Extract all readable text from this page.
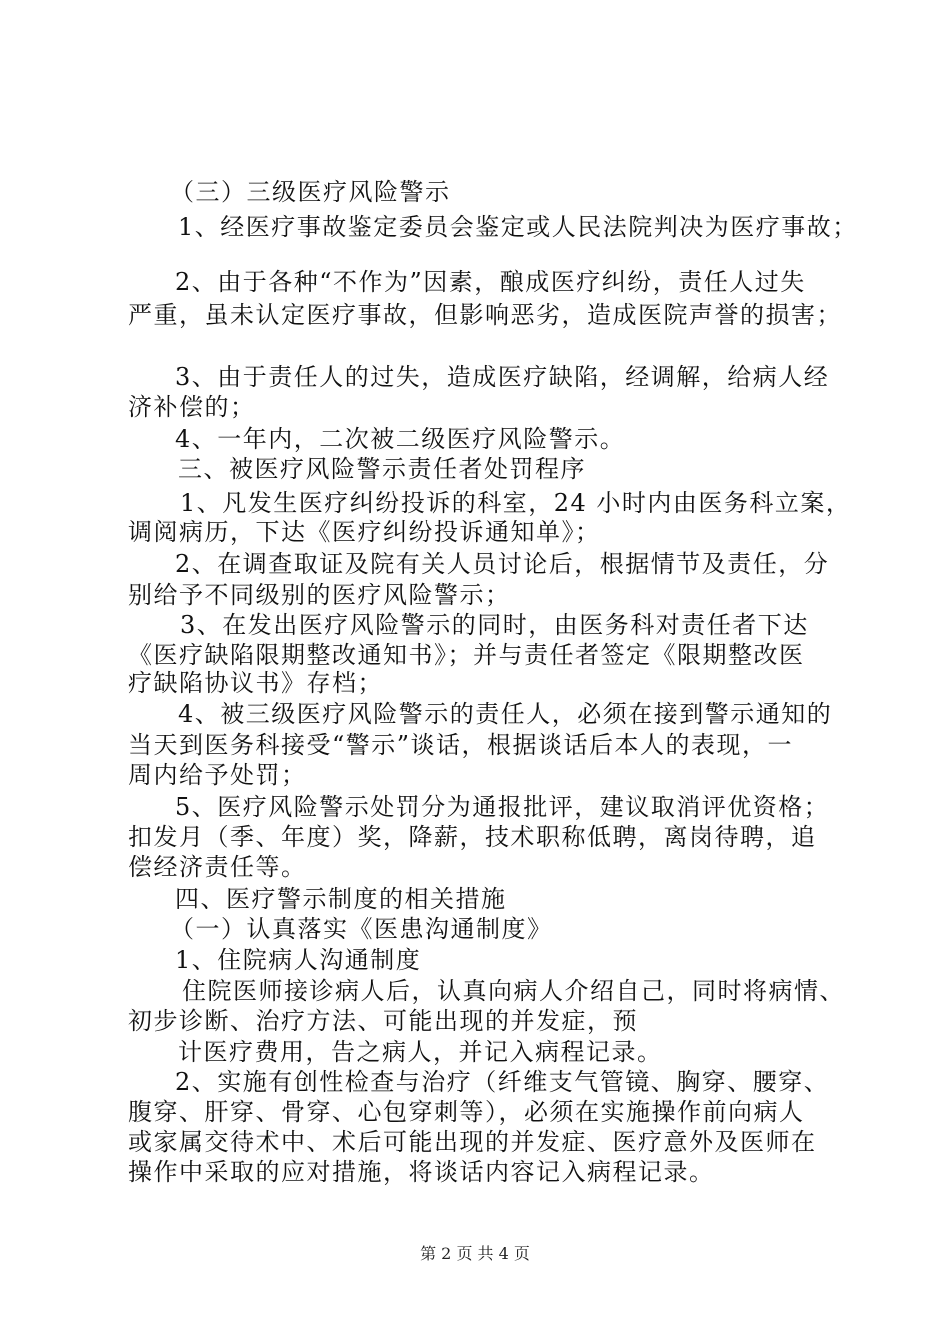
（三）三级医疗风险警示
1、经医疗事故鉴定委员会鉴定或人民法院判决为医疗事故；
2、由于各种“不作为”因素，酿成医疗纠纷，责任人过失
严重，虽未认定医疗事故，但影响恶劣，造成医院声誉的损害；
3、由于责任人的过失，造成医疗缺陷，经调解，给病人经
济补偿的；
4、一年内，二次被二级医疗风险警示。
三、被医疗风险警示责任者处罚程序
1、凡发生医疗纠纷投诉的科室，24 小时内由医务科立案，
调阅病历，下达《医疗纠纷投诉通知单》；
2、在调查取证及院有关人员讨论后，根据情节及责任，分
别给予不同级别的医疗风险警示；
3、在发出医疗风险警示的同时，由医务科对责任者下达
《医疗缺陷限期整改通知书》；并与责任者签定《限期整改医
疗缺陷协议书》存档；
4、被三级医疗风险警示的责任人，必须在接到警示通知的
当天到医务科接受“警示”谈话，根据谈话后本人的表现，一
周内给予处罚；
5、医疗风险警示处罚分为通报批评，建议取消评优资格；
扣发月（季、年度）奖，降薪，技术职称低聘，离岗待聘，追
偿经济责任等。
四、医疗警示制度的相关措施
（一）认真落实《医患沟通制度》
1、住院病人沟通制度
住院医师接诊病人后，认真向病人介绍自己，同时将病情、
初步诊断、治疗方法、可能出现的并发症，预
计医疗费用，告之病人，并记入病程记录。
2、实施有创性检查与治疗（纤维支气管镜、胸穿、腰穿、
腹穿、肝穿、骨穿、心包穿刺等），必须在实施操作前向病人
或家属交待术中、术后可能出现的并发症、医疗意外及医师在
操作中采取的应对措施，将谈话内容记入病程记录。
第 2 页 共 4 页
